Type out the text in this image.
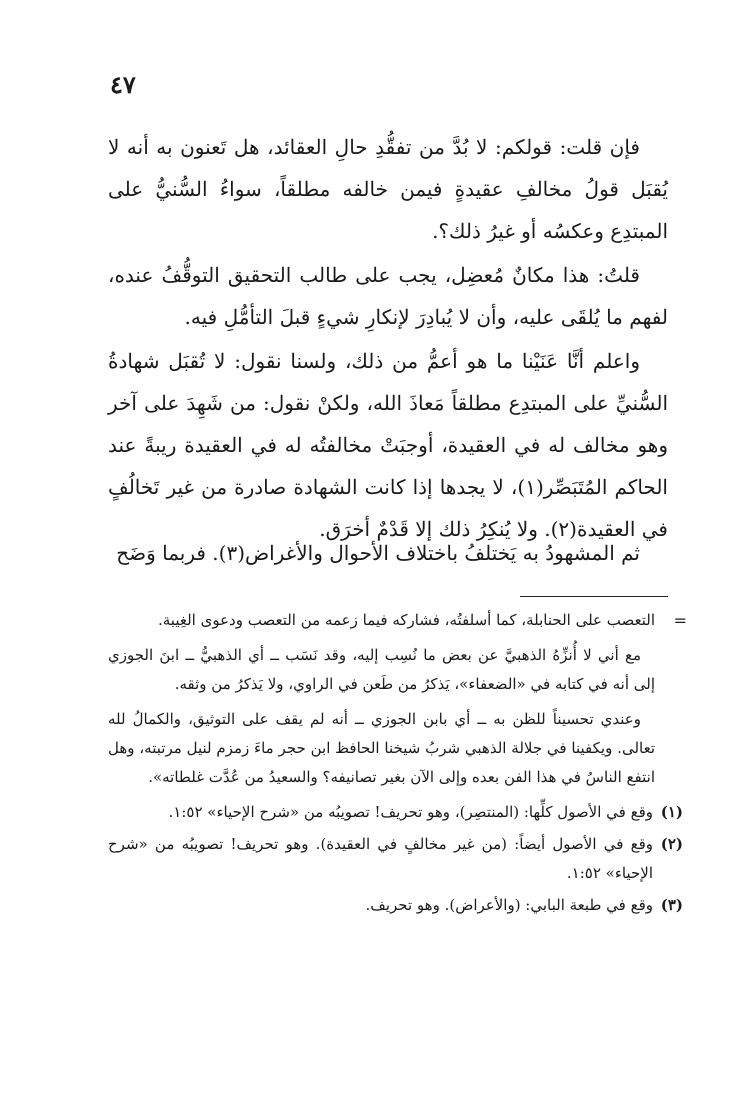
٤٧

فإن قلت: قولكم: لا بُدَّ من تفقُّدِ حالِ العقائد، هل تَعنون به أنه لا يُقبَل قولُ مخالفِ عقيدةٍ فيمن خالفه مطلقاً، سواءُ السُّنيُّ على المبتدِع وعكسُه أو غيرُ ذلك؟.

قلتُ: هذا مكانٌ مُعضِل، يجب على طالب التحقيق التوقُّفُ عنده، لفهم ما يُلقَى عليه، وأن لا يُبادِرَ لإنكارِ شيءٍ قبلَ التأمُّلِ فيه.

واعلم أنَّا عَنَيْنا ما هو أعمُّ من ذلك، ولسنا نقول: لا تُقبَل شهادةُ السُّنيِّ على المبتدِع مطلقاً مَعاذَ الله، ولكنْ نقول: من شَهِدَ على آخر وهو مخالف له في العقيدة، أوجبَتْ مخالفتُه له في العقيدة ريبةً عند الحاكم المُتَبَصِّر(١)، لا يجدها إذا كانت الشهادة صادرة من غير تَخالُفٍ في العقيدة(٢). ولا يُنكِرُ ذلك إلا قَدْمٌ أخرَق.

ثم المشهودُ به يَختلفُ باختلاف الأحوال والأغراض(٣). فربما وَضَح

=
التعصب على الحنابلة، كما أسلفتُه، فشاركه فيما زعمه من التعصب ودعوى الغِيبة.

مع أني لا أُنزِّهُ الذهبيَّ عن بعض ما نُسِب إليه، وقد نَسَب ــ أي الذهبيُّ ــ ابنَ الجوزي إلى أنه في كتابه في «الضعفاء»، يَذكرُ من طَعن في الراوي، ولا يَذكرُ من وثقه.

وعندي تحسيناً للظن به ــ أي بابن الجوزي ــ أنه لم يقف على التوثيق، والكمالُ لله تعالى. ويكفينا في جلالة الذهبي شربُ شيخنا الحافظ ابن حجر ماءَ زمزم لنيل مرتبته، وهل انتفع الناسُ في هذا الفن بعده وإلى الآن بغير تصانيفه؟ والسعيدُ من عُدَّت غلطاته».

(١)
وقع في الأصول كلِّها: (المنتصِر)، وهو تحريف! تصويبُه من «شرح الإحياء» ١:٥٢.
(٢)
وقع في الأصول أيضاً: (من غير مخالفٍ في العقيدة). وهو تحريف! تصويبُه من «شرح الإحياء» ١:٥٢.
(٣)
وقع في طبعة البابي: (والأعراض). وهو تحريف.
